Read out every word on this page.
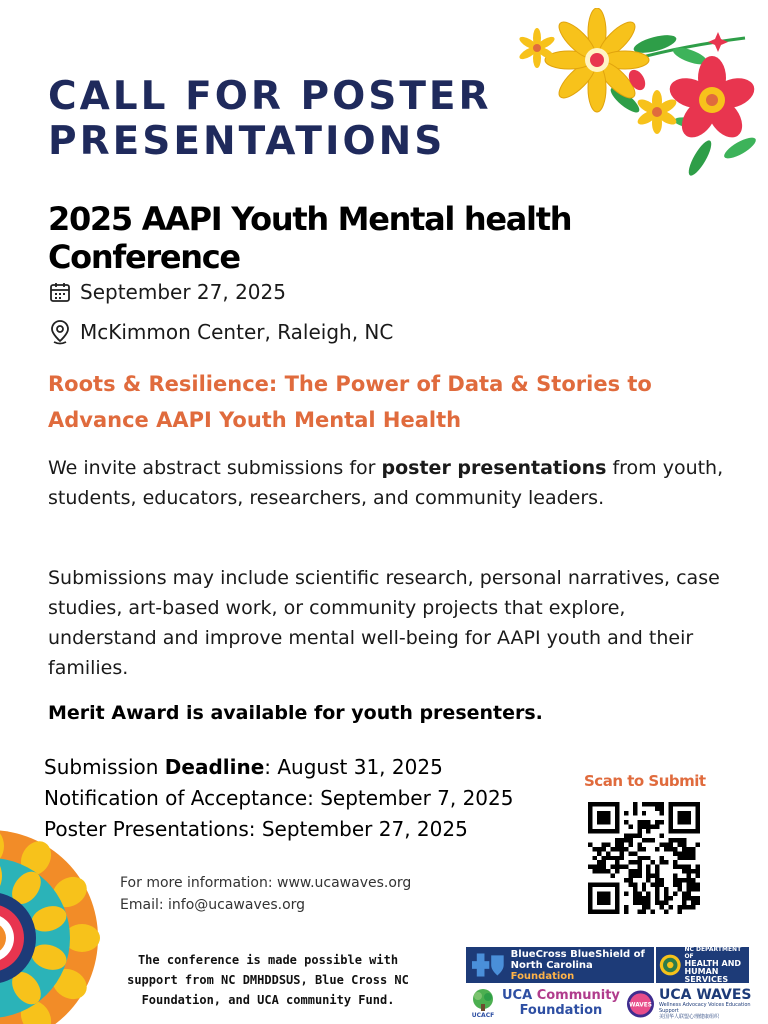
CALL FOR POSTER
PRESENTATIONS
2025 AAPI Youth Mental health Conference
September 27, 2025
McKimmon Center, Raleigh, NC

Roots & Resilience: The Power of Data & Stories to
Advance AAPI Youth Mental Health

We invite abstract submissions for poster presentations from youth, students, educators, researchers, and community leaders.

Submissions may include scientific research, personal narratives, case studies, art-based work, or community projects that explore, understand and improve mental well-being for AAPI youth and their families.

Merit Award is available for youth presenters.

Submission Deadline: August 31, 2025
Notification of Acceptance: September 7, 2025
Poster Presentations: September 27, 2025
For more information: www.ucawaves.org
Email: info@ucawaves.org
The conference is made possible with
support from NC DMHDDSUS, Blue Cross NC
Foundation, and UCA community Fund.
Scan to Submit
BlueCross BlueShield of
North Carolina Foundation
NC DEPARTMENT OF
HEALTH AND
HUMAN SERVICES
UCACF
UCA Community
Foundation	WAVES
UCA WAVES
Wellness Advocacy Voices Education Support
美国华人联盟心理健康组织
